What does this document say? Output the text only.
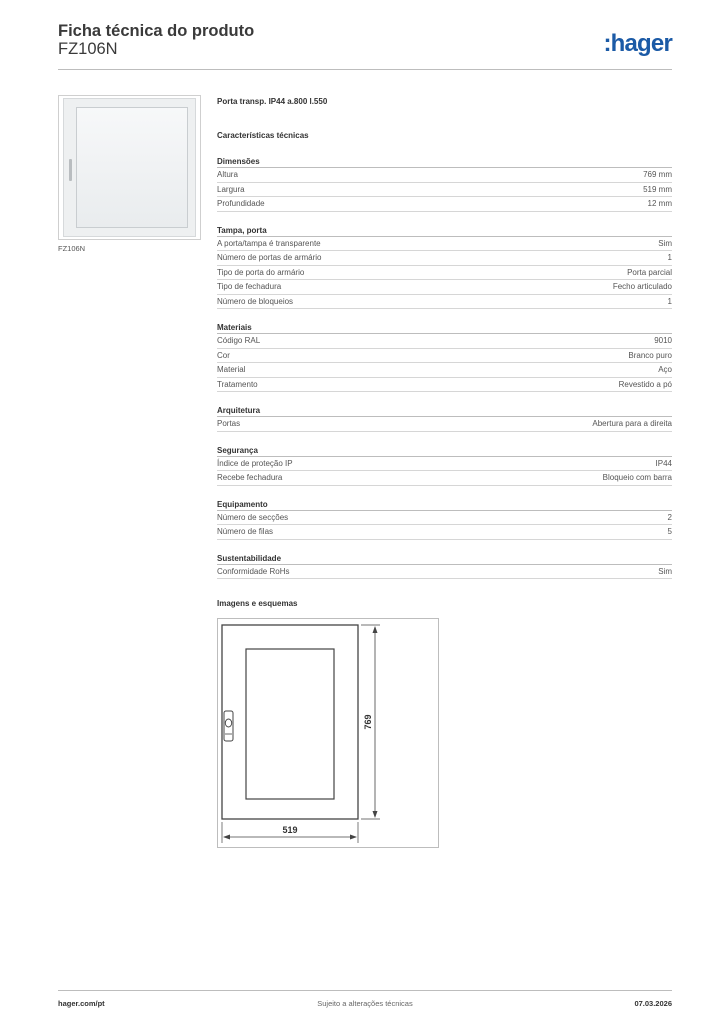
Ficha técnica do produto
FZ106N	:hager
FZ106N
Porta transp. IP44 a.800 l.550
Características técnicas
Dimensões
Altura	769 mm
Largura	519 mm
Profundidade	12 mm
Tampa, porta
A porta/tampa é transparente	Sim
Número de portas de armário	1
Tipo de porta do armário	Porta parcial
Tipo de fechadura	Fecho articulado
Número de bloqueios	1
Materiais
Código RAL	9010
Cor	Branco puro
Material	Aço
Tratamento	Revestido a pó
Arquitetura
Portas	Abertura para a direita
Segurança
Índice de proteção IP	IP44
Recebe fechadura	Bloqueio com barra
Equipamento
Número de secções	2
Número de filas	5
Sustentabilidade
Conformidade RoHs	Sim
Imagens e esquemas
769
519
hager.com/pt	Sujeito a alterações técnicas	07.03.2026
